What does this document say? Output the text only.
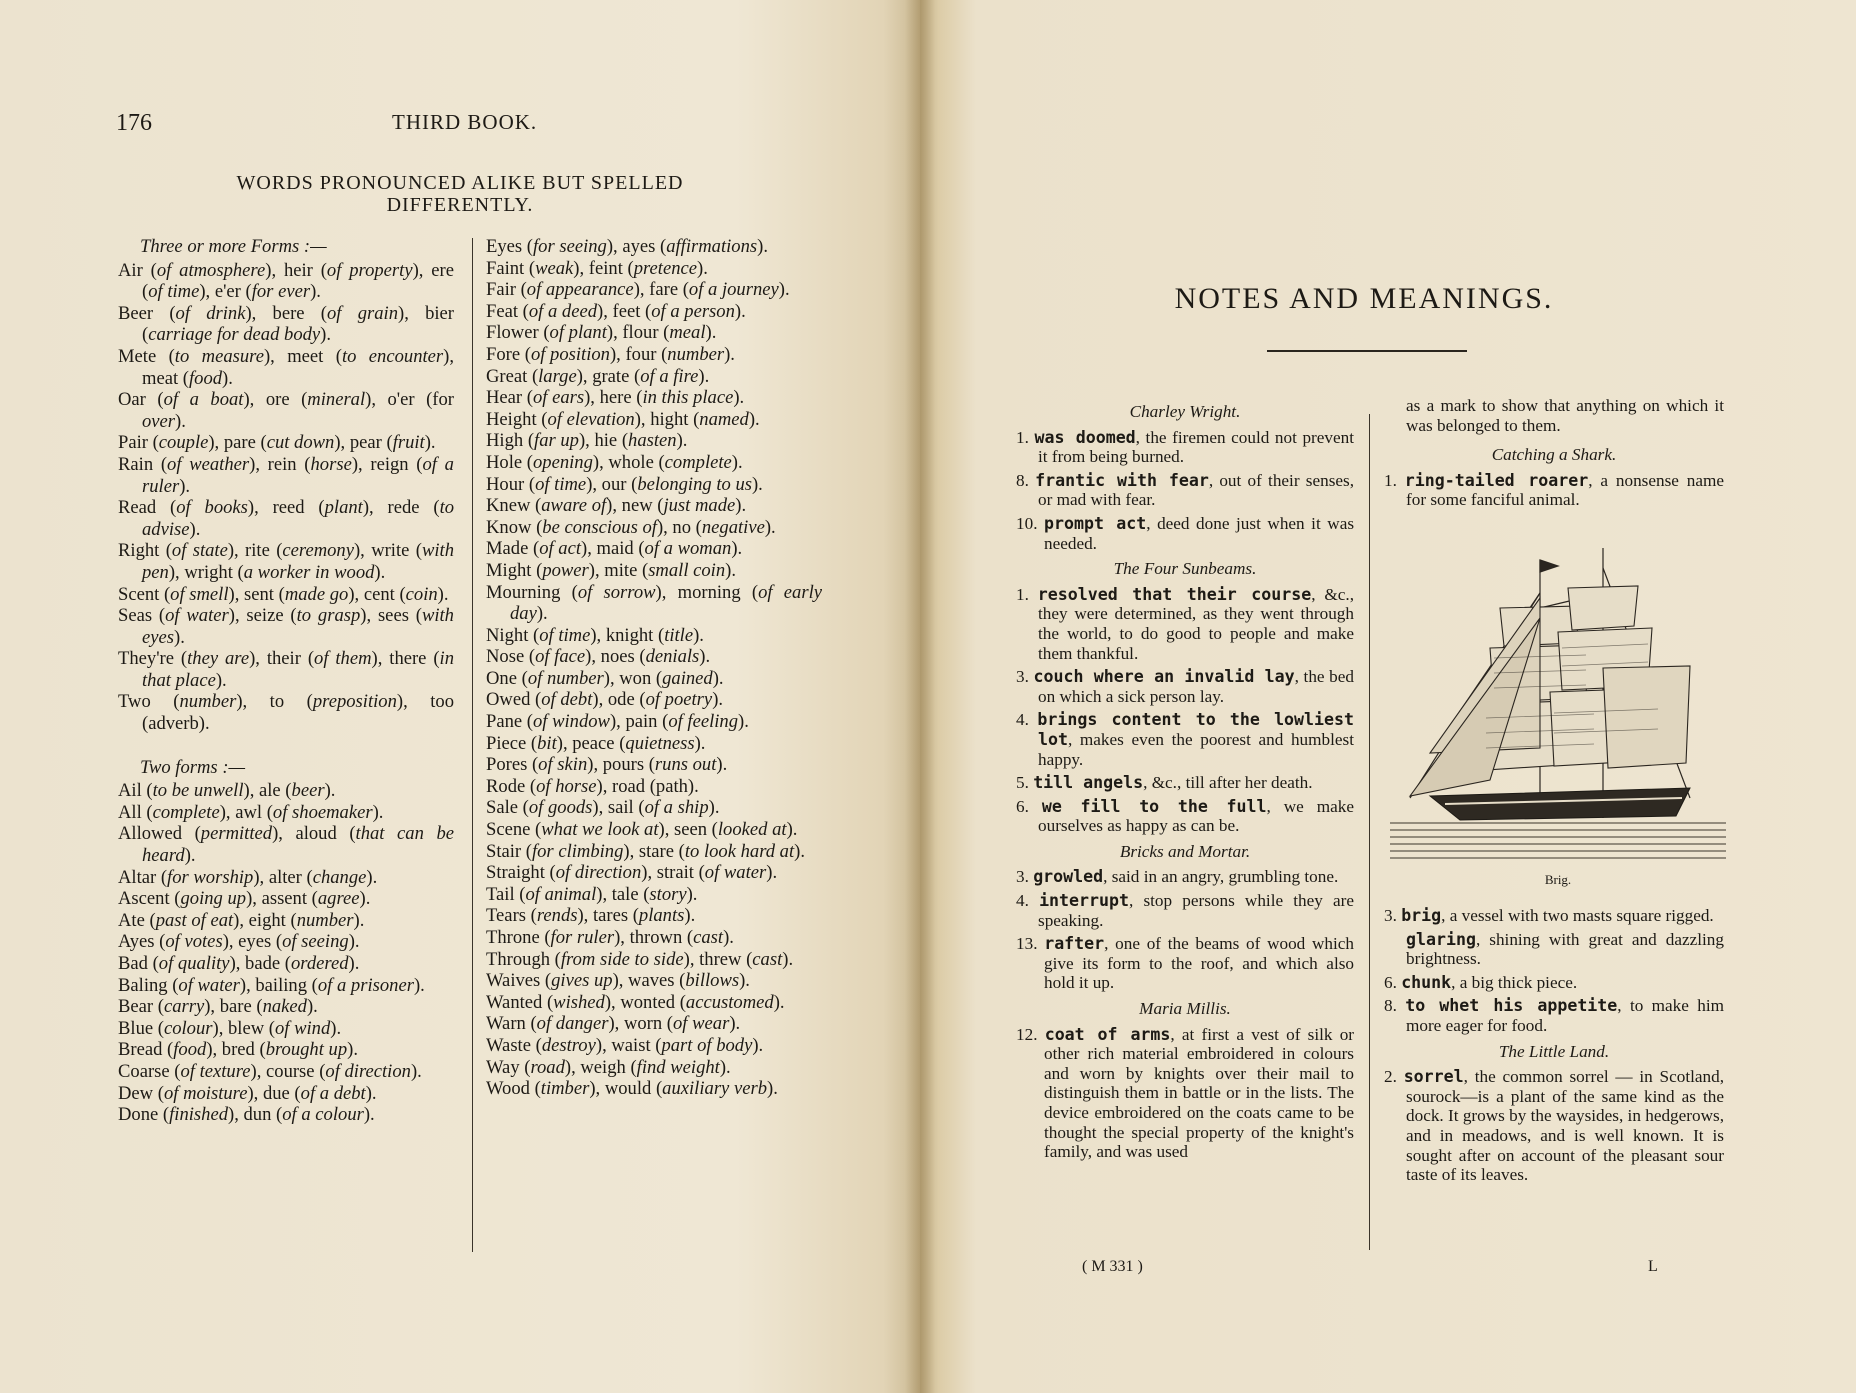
176	THIRD BOOK.
WORDS PRONOUNCED ALIKE BUT SPELLED
DIFFERENTLY.
Three or more Forms :—
Air (of atmosphere), heir (of property), ere (of time), e'er (for ever).
Beer (of drink), bere (of grain), bier (carriage for dead body).
Mete (to measure), meet (to encounter), meat (food).
Oar (of a boat), ore (mineral), o'er (for over).
Pair (couple), pare (cut down), pear (fruit).
Rain (of weather), rein (horse), reign (of a ruler).
Read (of books), reed (plant), rede (to advise).
Right (of state), rite (ceremony), write (with pen), wright (a worker in wood).
Scent (of smell), sent (made go), cent (coin).
Seas (of water), seize (to grasp), sees (with eyes).
They're (they are), their (of them), there (in that place).
Two (number), to (preposition), too (adverb).
Two forms :—
Ail (to be unwell), ale (beer).
All (complete), awl (of shoemaker).
Allowed (permitted), aloud (that can be heard).
Altar (for worship), alter (change).
Ascent (going up), assent (agree).
Ate (past of eat), eight (number).
Ayes (of votes), eyes (of seeing).
Bad (of quality), bade (ordered).
Baling (of water), bailing (of a prisoner).
Bear (carry), bare (naked).
Blue (colour), blew (of wind).
Bread (food), bred (brought up).
Coarse (of texture), course (of direction).
Dew (of moisture), due (of a debt).
Done (finished), dun (of a colour).
Eyes (for seeing), ayes (affirmations).
Faint (weak), feint (pretence).
Fair (of appearance), fare (of a journey).
Feat (of a deed), feet (of a person).
Flower (of plant), flour (meal).
Fore (of position), four (number).
Great (large), grate (of a fire).
Hear (of ears), here (in this place).
Height (of elevation), hight (named).
High (far up), hie (hasten).
Hole (opening), whole (complete).
Hour (of time), our (belonging to us).
Knew (aware of), new (just made).
Know (be conscious of), no (negative).
Made (of act), maid (of a woman).
Might (power), mite (small coin).
Mourning (of sorrow), morning (of early day).
Night (of time), knight (title).
Nose (of face), noes (denials).
One (of number), won (gained).
Owed (of debt), ode (of poetry).
Pane (of window), pain (of feeling).
Piece (bit), peace (quietness).
Pores (of skin), pours (runs out).
Rode (of horse), road (path).
Sale (of goods), sail (of a ship).
Scene (what we look at), seen (looked at).
Stair (for climbing), stare (to look hard at).
Straight (of direction), strait (of water).
Tail (of animal), tale (story).
Tears (rends), tares (plants).
Throne (for ruler), thrown (cast).
Through (from side to side), threw (cast).
Waives (gives up), waves (billows).
Wanted (wished), wonted (accustomed).
Warn (of danger), worn (of wear).
Waste (destroy), waist (part of body).
Way (road), weigh (find weight).
Wood (timber), would (auxiliary verb).
NOTES AND MEANINGS.
Charley Wright.
1. was doomed, the firemen could not prevent it from being burned.
8. frantic with fear, out of their senses, or mad with fear.
10. prompt act, deed done just when it was needed.
The Four Sunbeams.
1. resolved that their course, &c., they were determined, as they went through the world, to do good to people and make them thankful.
3. couch where an invalid lay, the bed on which a sick person lay.
4. brings content to the lowliest lot, makes even the poorest and humblest happy.
5. till angels, &c., till after her death.
6. we fill to the full, we make ourselves as happy as can be.
Bricks and Mortar.
3. growled, said in an angry, grumbling tone.
4. interrupt, stop persons while they are speaking.
13. rafter, one of the beams of wood which give its form to the roof, and which also hold it up.
Maria Millis.
12. coat of arms, at first a vest of silk or other rich material embroidered in colours and worn by knights over their mail to distinguish them in battle or in the lists. The device embroidered on the coats came to be thought the special property of the knight's family, and was used
as a mark to show that anything on which it was belonged to them.
Catching a Shark.
1. ring-tailed roarer, a nonsense name for some fanciful animal.
Brig.
3. brig, a vessel with two masts square rigged.
glaring, shining with great and dazzling brightness.
6. chunk, a big thick piece.
8. to whet his appetite, to make him more eager for food.
The Little Land.
2. sorrel, the common sorrel — in Scotland, sourock—is a plant of the same kind as the dock. It grows by the waysides, in hedgerows, and in meadows, and is well known. It is sought after on account of the pleasant sour taste of its leaves.
( M 331 )	L
